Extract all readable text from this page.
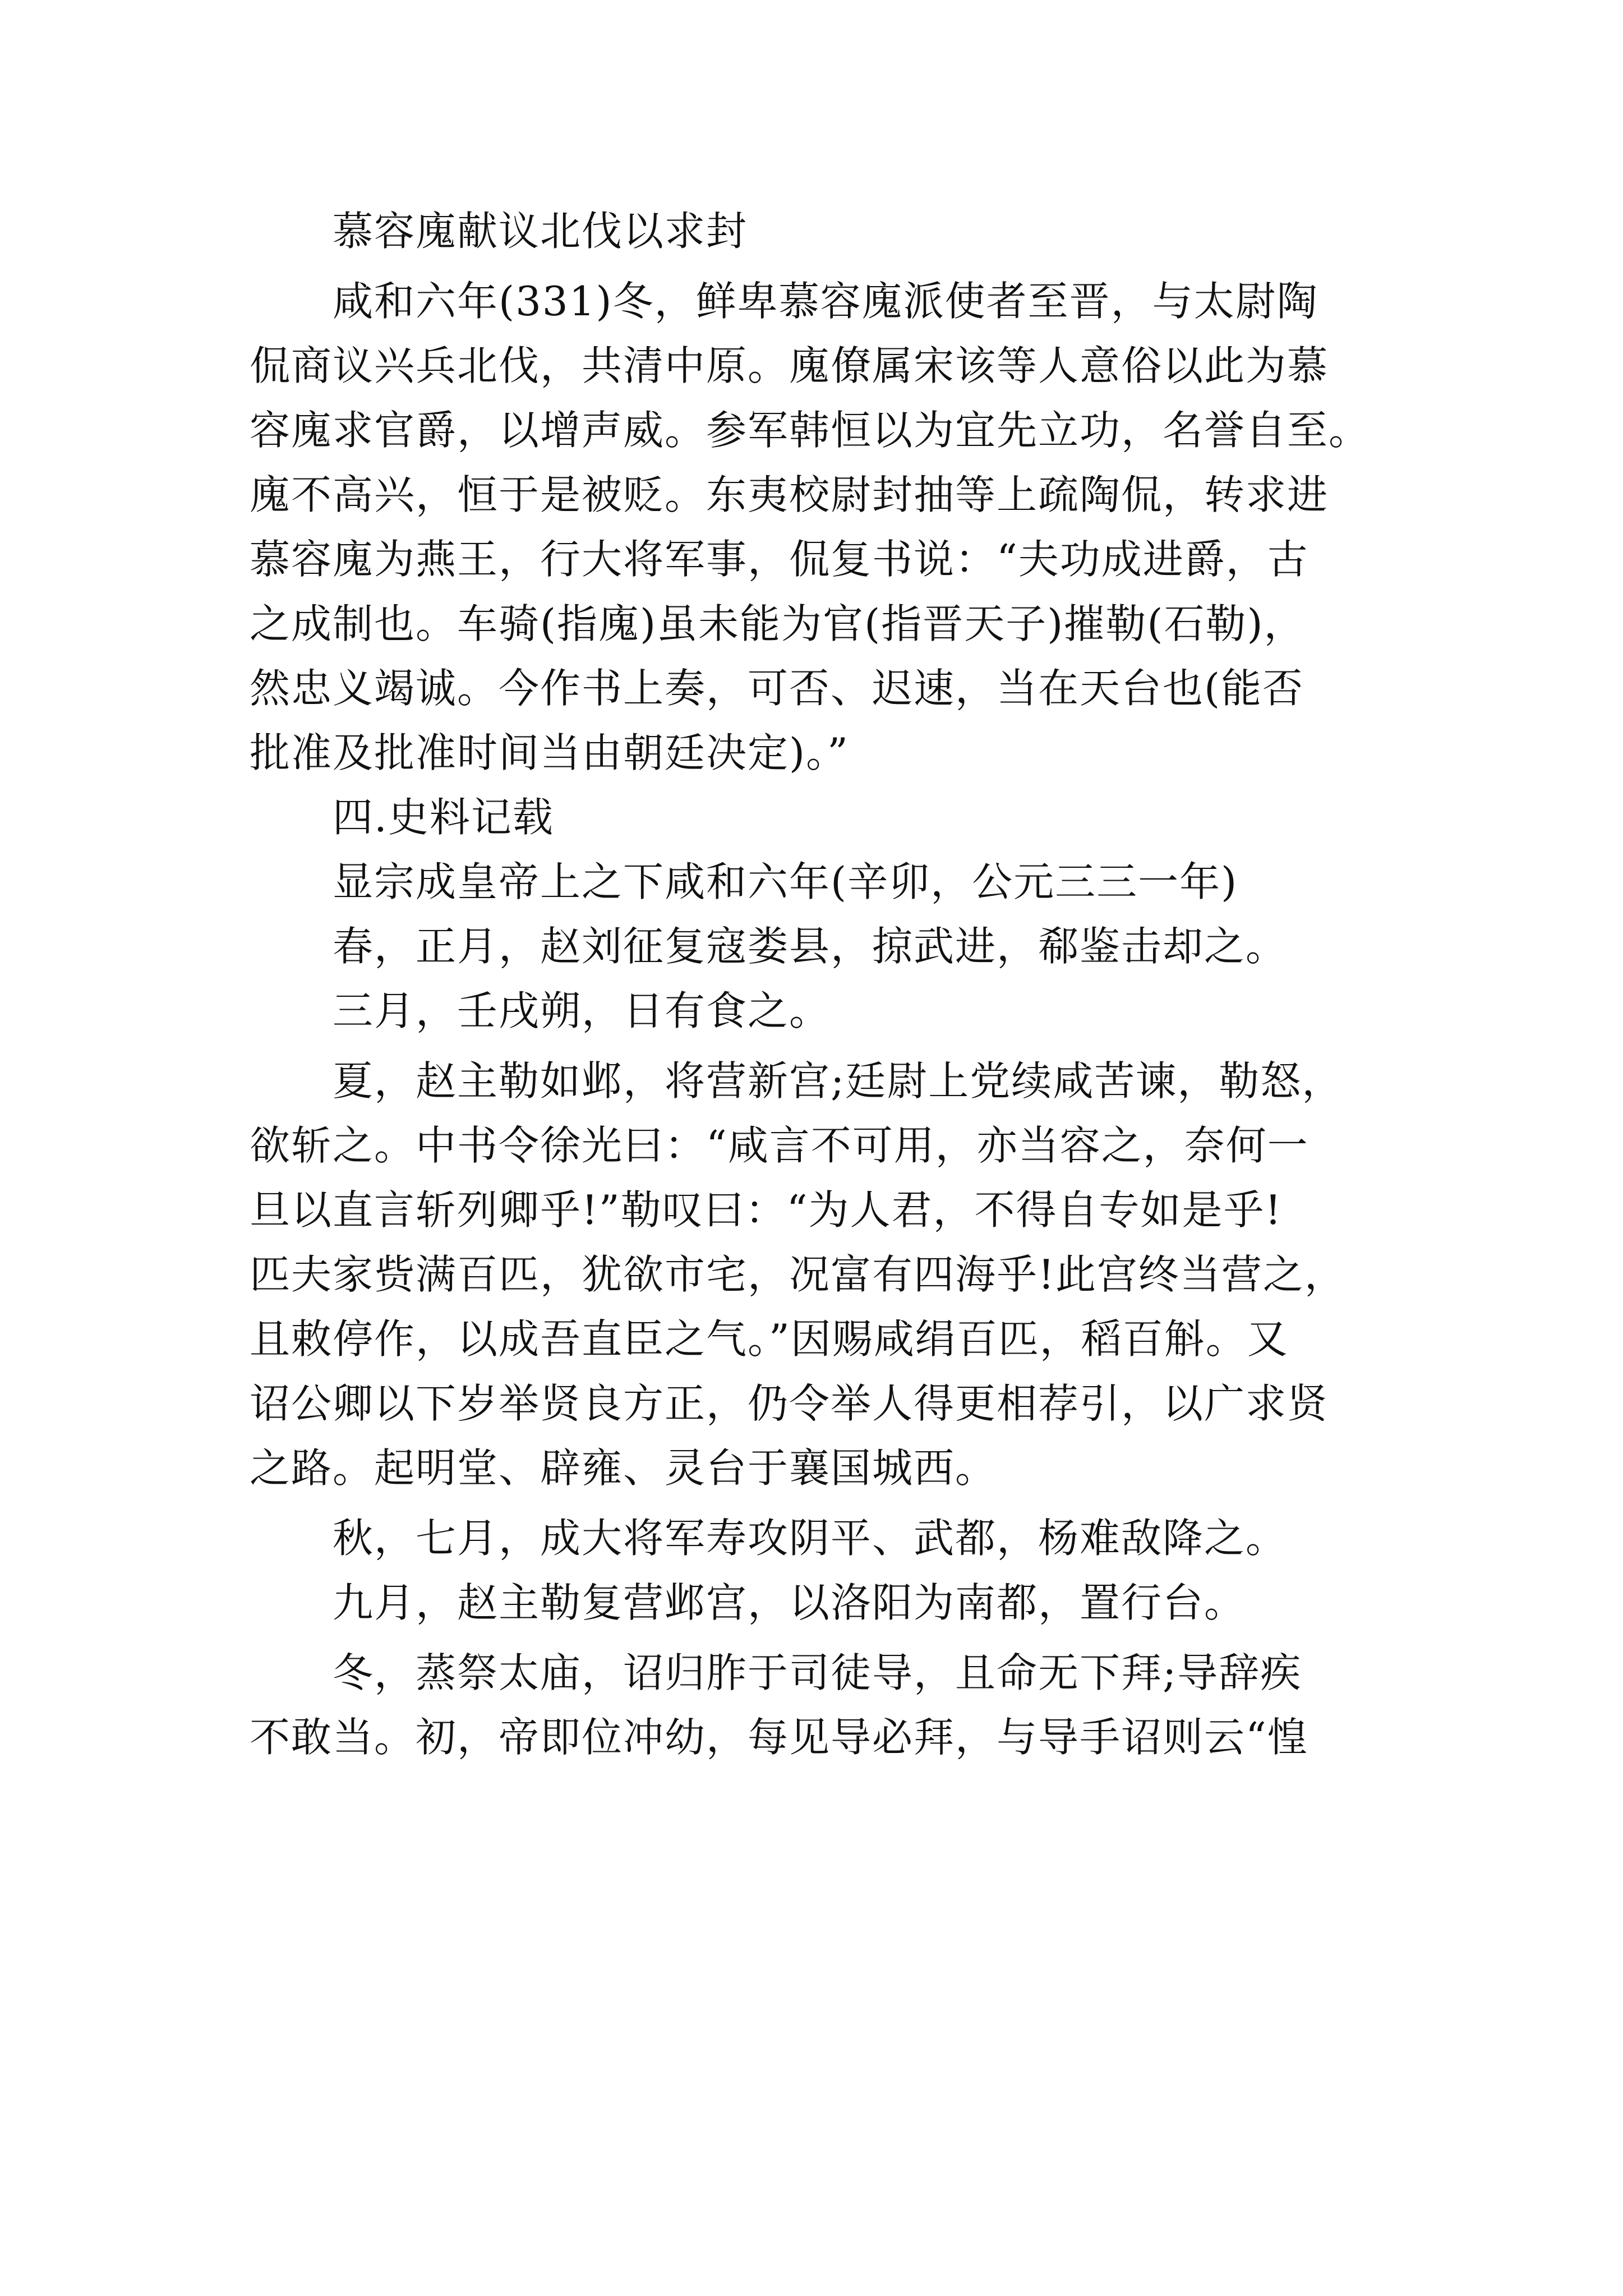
慕容廆献议北伐以求封
咸和六年(331)冬，鲜卑慕容廆派使者至晋，与太尉陶
侃商议兴兵北伐，共清中原。廆僚属宋该等人意俗以此为慕
容廆求官爵，以增声威。参军韩恒以为宜先立功，名誉自至。
廆不高兴，恒于是被贬。东夷校尉封抽等上疏陶侃，转求进
慕容廆为燕王，行大将军事，侃复书说：“夫功成进爵，古
之成制也。车骑(指廆)虽未能为官(指晋天子)摧勒(石勒)，
然忠义竭诚。今作书上奏，可否、迟速，当在天台也(能否
批准及批准时间当由朝廷决定)。”
四.史料记载
显宗成皇帝上之下咸和六年(辛卯，公元三三一年)
春，正月，赵刘征复寇娄县，掠武进，郗鉴击却之。
三月，壬戌朔，日有食之。
夏，赵主勒如邺，将营新宫;廷尉上党续咸苦谏，勒怒，
欲斩之。中书令徐光曰：“咸言不可用，亦当容之，奈何一
旦以直言斩列卿乎!”勒叹曰：“为人君，不得自专如是乎!
匹夫家赀满百匹，犹欲市宅，况富有四海乎!此宫终当营之，
且敕停作，以成吾直臣之气。”因赐咸绢百匹，稻百斛。又
诏公卿以下岁举贤良方正，仍令举人得更相荐引，以广求贤
之路。起明堂、辟雍、灵台于襄国城西。
秋，七月，成大将军寿攻阴平、武都，杨难敌降之。
九月，赵主勒复营邺宫，以洛阳为南都，置行台。
冬，蒸祭太庙，诏归胙于司徒导，且命无下拜;导辞疾
不敢当。初，帝即位冲幼，每见导必拜，与导手诏则云“惶
